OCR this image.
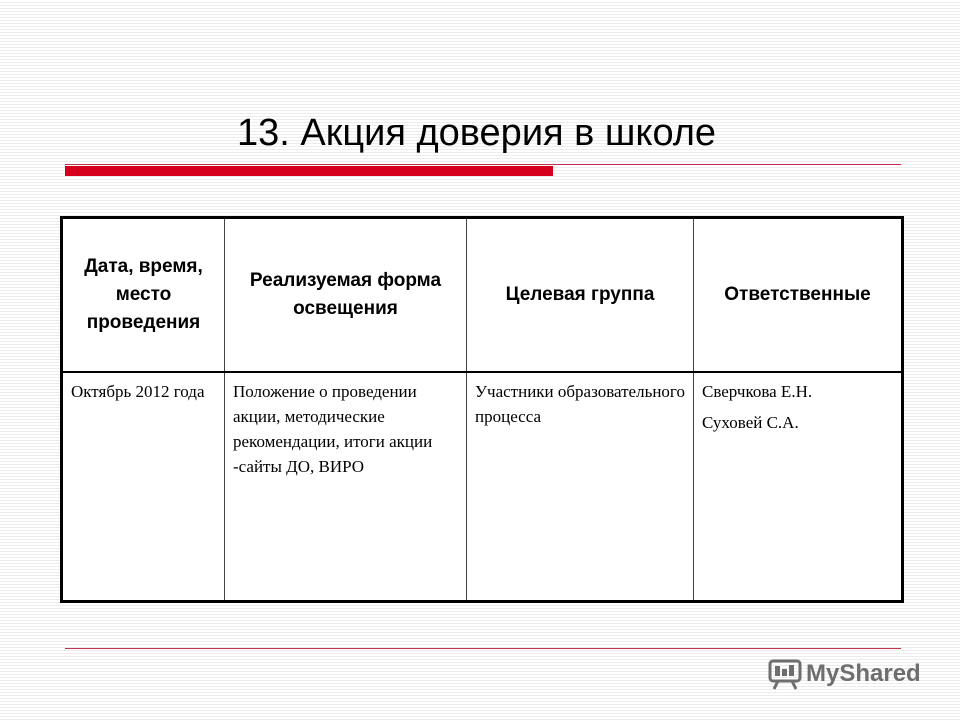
13. Акция доверия в школе
Дата, время, место проведения	Реализуемая форма освещения	Целевая группа	Ответственные
Октябрь 2012 года	Положение о проведении акции, методические рекомендации, итоги акции -сайты ДО, ВИРО	Участники образовательного процесса	Сверчкова Е.Н.

Суховей С.А.

MyShared
